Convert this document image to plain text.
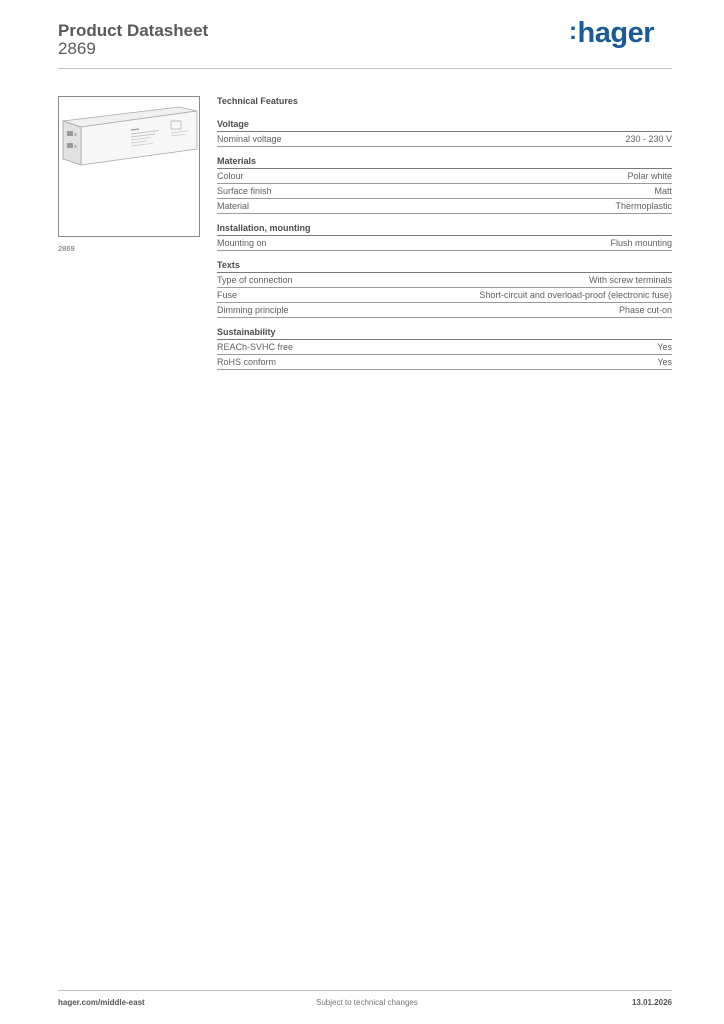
Product Datasheet
2869
:hager
2869
Technical Features
Voltage
Nominal voltage	230 - 230 V
Materials
Colour	Polar white
Surface finish	Matt
Material	Thermoplastic
Installation, mounting
Mounting on	Flush mounting
Texts
Type of connection	With screw terminals
Fuse	Short-circuit and overload-proof (electronic fuse)
Dimming principle	Phase cut-on
Sustainability
REACh-SVHC free	Yes
RoHS conform	Yes
hager.com/middle-east	Subject to technical changes	13.01.2026
